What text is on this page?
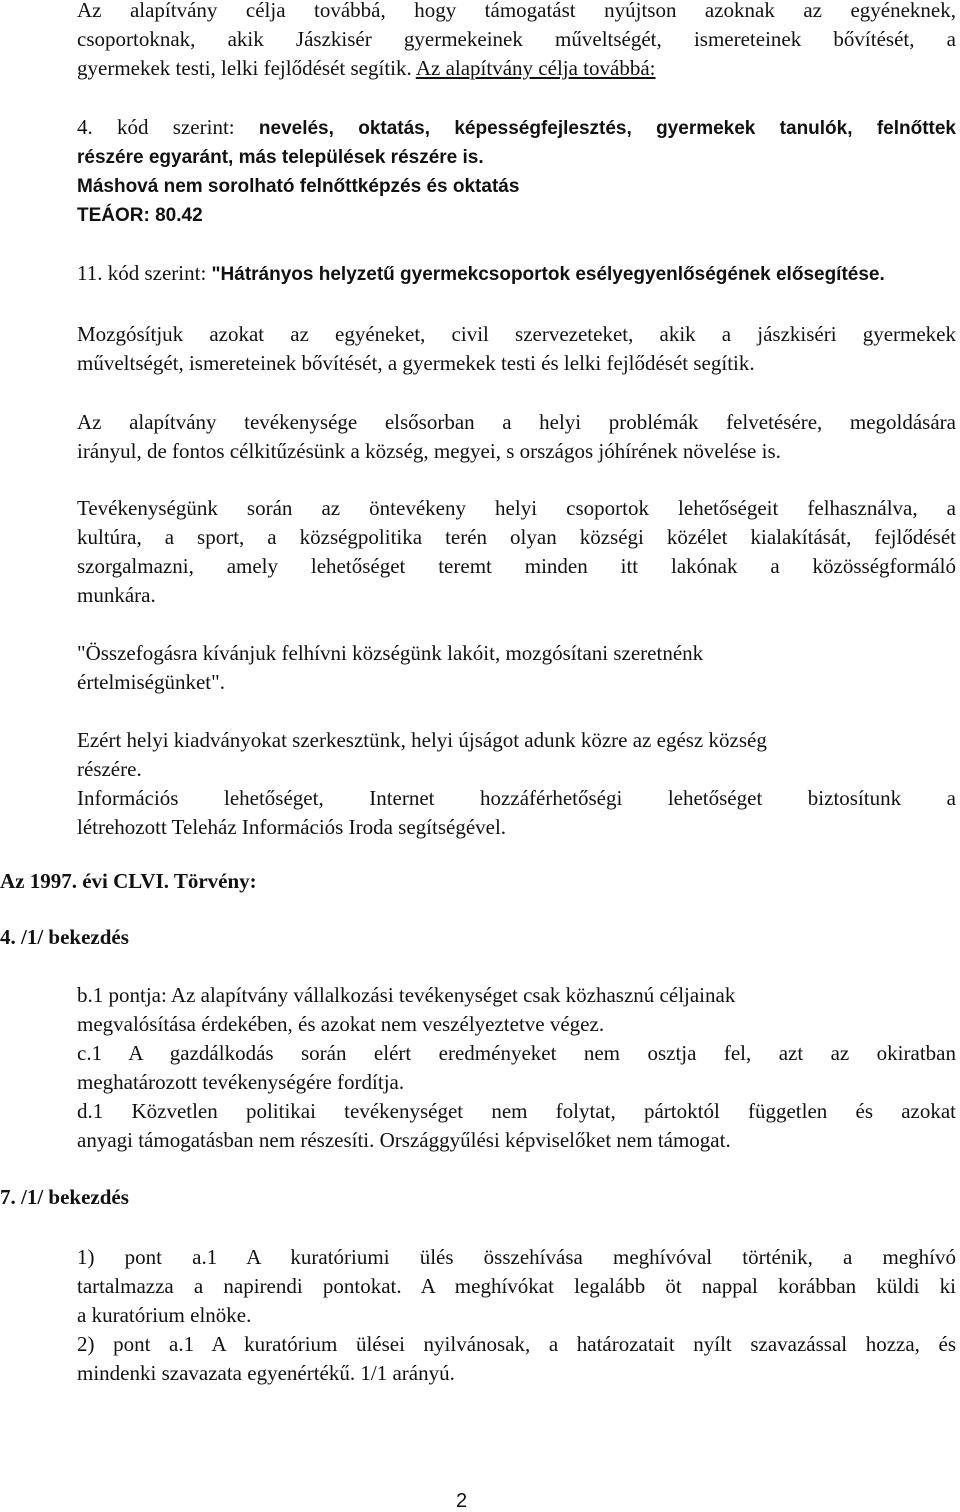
Az alapítvány célja továbbá, hogy támogatást nyújtson azoknak az egyéneknek,
csoportoknak, akik Jászkisér gyermekeinek műveltségét, ismereteinek bővítését, a
gyermekek testi, lelki fejlődését segítik. Az alapítvány célja továbbá:
4. kód szerint: nevelés, oktatás, képességfejlesztés, gyermekek tanulók, felnőttek
részére egyaránt, más települések részére is.
Máshová nem sorolható felnőttképzés és oktatás
TEÁOR: 80.42
11. kód szerint: "Hátrányos helyzetű gyermekcsoportok esélyegyenlőségének elősegítése.
Mozgósítjuk azokat az egyéneket, civil szervezeteket, akik a jászkiséri gyermekek
műveltségét, ismereteinek bővítését, a gyermekek testi és lelki fejlődését segítik.
Az alapítvány tevékenysége elsősorban a helyi problémák felvetésére, megoldására
irányul, de fontos célkitűzésünk a község, megyei, s országos jóhírének növelése is.
Tevékenységünk során az öntevékeny helyi csoportok lehetőségeit felhasználva, a
kultúra, a sport, a községpolitika terén olyan községi közélet kialakítását, fejlődését
szorgalmazni, amely lehetőséget teremt minden itt lakónak a közösségformáló
munkára.
"Összefogásra kívánjuk felhívni községünk lakóit, mozgósítani szeretnénk
értelmiségünket".
Ezért helyi kiadványokat szerkesztünk, helyi újságot adunk közre az egész község
részére.
Információs lehetőséget, Internet hozzáférhetőségi lehetőséget biztosítunk a
létrehozott Teleház Információs Iroda segítségével.
Az 1997. évi CLVI. Törvény:
4. /1/ bekezdés
b.1 pontja: Az alapítvány vállalkozási tevékenységet csak közhasznú céljainak
megvalósítása érdekében, és azokat nem veszélyeztetve végez.
c.1 A gazdálkodás során elért eredményeket nem osztja fel, azt az okiratban
meghatározott tevékenységére fordítja.
d.1 Közvetlen politikai tevékenységet nem folytat, pártoktól független és azokat
anyagi támogatásban nem részesíti. Országgyűlési képviselőket nem támogat.
7. /1/ bekezdés
1) pont a.1 A kuratóriumi ülés összehívása meghívóval történik, a meghívó
tartalmazza a napirendi pontokat. A meghívókat legalább öt nappal korábban küldi ki
a kuratórium elnöke.
2) pont a.1 A kuratórium ülései nyilvánosak, a határozatait nyílt szavazással hozza, és
mindenki szavazata egyenértékű. 1/1 arányú.
2
